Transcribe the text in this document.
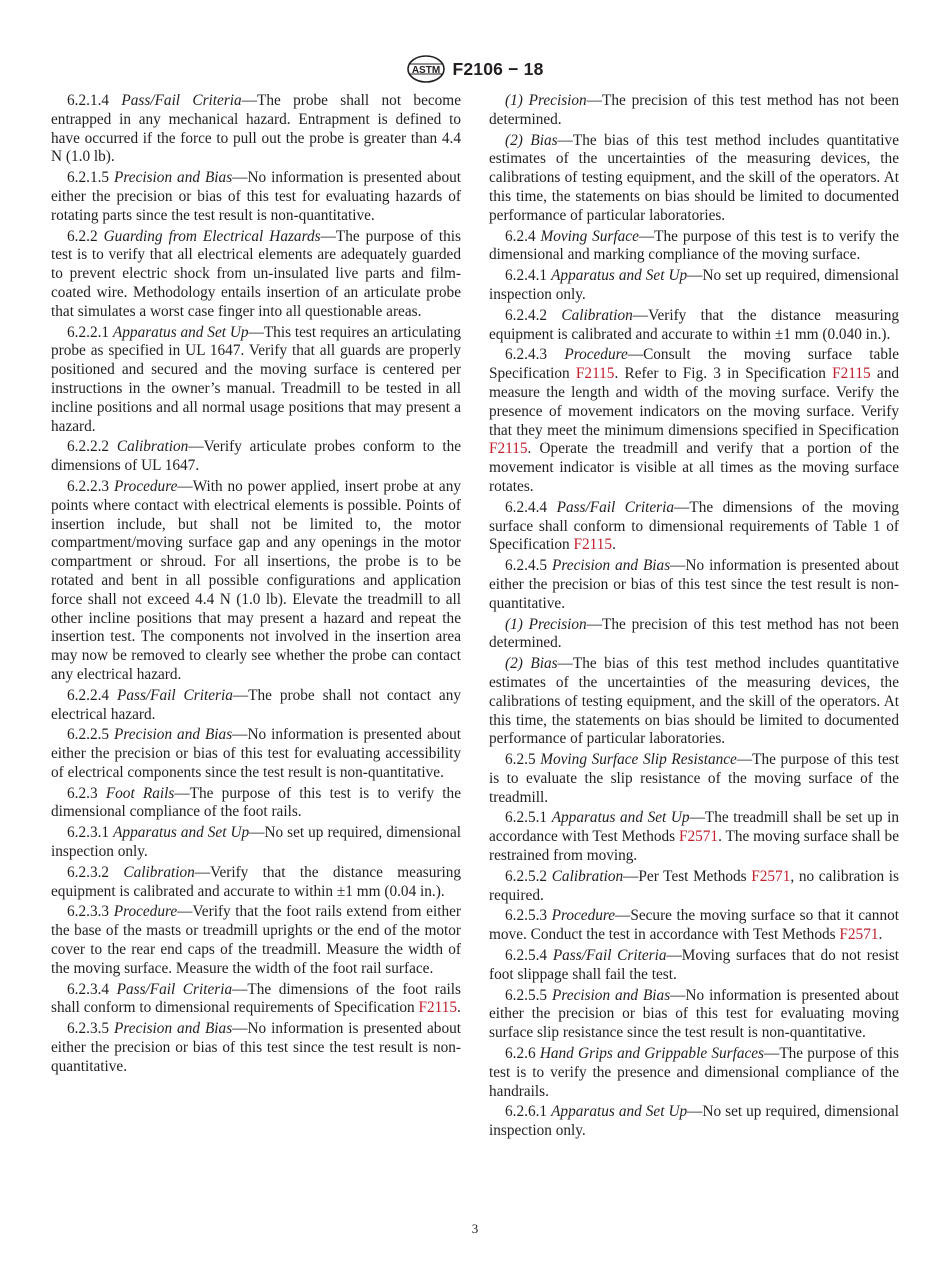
ASTM F2106 − 18

6.2.1.4 Pass/Fail Criteria—The probe shall not become entrapped in any mechanical hazard. Entrapment is defined to have occurred if the force to pull out the probe is greater than 4.4 N (1.0 lb).

6.2.1.5 Precision and Bias—No information is presented about either the precision or bias of this test for evaluating hazards of rotating parts since the test result is non-quantitative.

6.2.2 Guarding from Electrical Hazards—The purpose of this test is to verify that all electrical elements are adequately guarded to prevent electric shock from un-insulated live parts and film-coated wire. Methodology entails insertion of an articulate probe that simulates a worst case finger into all questionable areas.

6.2.2.1 Apparatus and Set Up—This test requires an articulating probe as specified in UL 1647. Verify that all guards are properly positioned and secured and the moving surface is centered per instructions in the owner’s manual. Treadmill to be tested in all incline positions and all normal usage positions that may present a hazard.

6.2.2.2 Calibration—Verify articulate probes conform to the dimensions of UL 1647.

6.2.2.3 Procedure—With no power applied, insert probe at any points where contact with electrical elements is possible. Points of insertion include, but shall not be limited to, the motor compartment/moving surface gap and any openings in the motor compartment or shroud. For all insertions, the probe is to be rotated and bent in all possible configurations and application force shall not exceed 4.4 N (1.0 lb). Elevate the treadmill to all other incline positions that may present a hazard and repeat the insertion test. The components not involved in the insertion area may now be removed to clearly see whether the probe can contact any electrical hazard.

6.2.2.4 Pass/Fail Criteria—The probe shall not contact any electrical hazard.

6.2.2.5 Precision and Bias—No information is presented about either the precision or bias of this test for evaluating accessibility of electrical components since the test result is non-quantitative.

6.2.3 Foot Rails—The purpose of this test is to verify the dimensional compliance of the foot rails.

6.2.3.1 Apparatus and Set Up—No set up required, dimensional inspection only.

6.2.3.2 Calibration—Verify that the distance measuring equipment is calibrated and accurate to within ±1 mm (0.04 in.).

6.2.3.3 Procedure—Verify that the foot rails extend from either the base of the masts or treadmill uprights or the end of the motor cover to the rear end caps of the treadmill. Measure the width of the moving surface. Measure the width of the foot rail surface.

6.2.3.4 Pass/Fail Criteria—The dimensions of the foot rails shall conform to dimensional requirements of Specification F2115.

6.2.3.5 Precision and Bias—No information is presented about either the precision or bias of this test since the test result is non-quantitative.

(1) Precision—The precision of this test method has not been determined.

(2) Bias—The bias of this test method includes quantitative estimates of the uncertainties of the measuring devices, the calibrations of testing equipment, and the skill of the operators. At this time, the statements on bias should be limited to documented performance of particular laboratories.

6.2.4 Moving Surface—The purpose of this test is to verify the dimensional and marking compliance of the moving surface.

6.2.4.1 Apparatus and Set Up—No set up required, dimensional inspection only.

6.2.4.2 Calibration—Verify that the distance measuring equipment is calibrated and accurate to within ±1 mm (0.040 in.).

6.2.4.3 Procedure—Consult the moving surface table Specification F2115. Refer to Fig. 3 in Specification F2115 and measure the length and width of the moving surface. Verify the presence of movement indicators on the moving surface. Verify that they meet the minimum dimensions specified in Specification F2115. Operate the treadmill and verify that a portion of the movement indicator is visible at all times as the moving surface rotates.

6.2.4.4 Pass/Fail Criteria—The dimensions of the moving surface shall conform to dimensional requirements of Table 1 of Specification F2115.

6.2.4.5 Precision and Bias—No information is presented about either the precision or bias of this test since the test result is non-quantitative.

(1) Precision—The precision of this test method has not been determined.

(2) Bias—The bias of this test method includes quantitative estimates of the uncertainties of the measuring devices, the calibrations of testing equipment, and the skill of the operators. At this time, the statements on bias should be limited to documented performance of particular laboratories.

6.2.5 Moving Surface Slip Resistance—The purpose of this test is to evaluate the slip resistance of the moving surface of the treadmill.

6.2.5.1 Apparatus and Set Up—The treadmill shall be set up in accordance with Test Methods F2571. The moving surface shall be restrained from moving.

6.2.5.2 Calibration—Per Test Methods F2571, no calibration is required.

6.2.5.3 Procedure—Secure the moving surface so that it cannot move. Conduct the test in accordance with Test Methods F2571.

6.2.5.4 Pass/Fail Criteria—Moving surfaces that do not resist foot slippage shall fail the test.

6.2.5.5 Precision and Bias—No information is presented about either the precision or bias of this test for evaluating moving surface slip resistance since the test result is non-quantitative.

6.2.6 Hand Grips and Grippable Surfaces—The purpose of this test is to verify the presence and dimensional compliance of the handrails.

6.2.6.1 Apparatus and Set Up—No set up required, dimensional inspection only.

3
